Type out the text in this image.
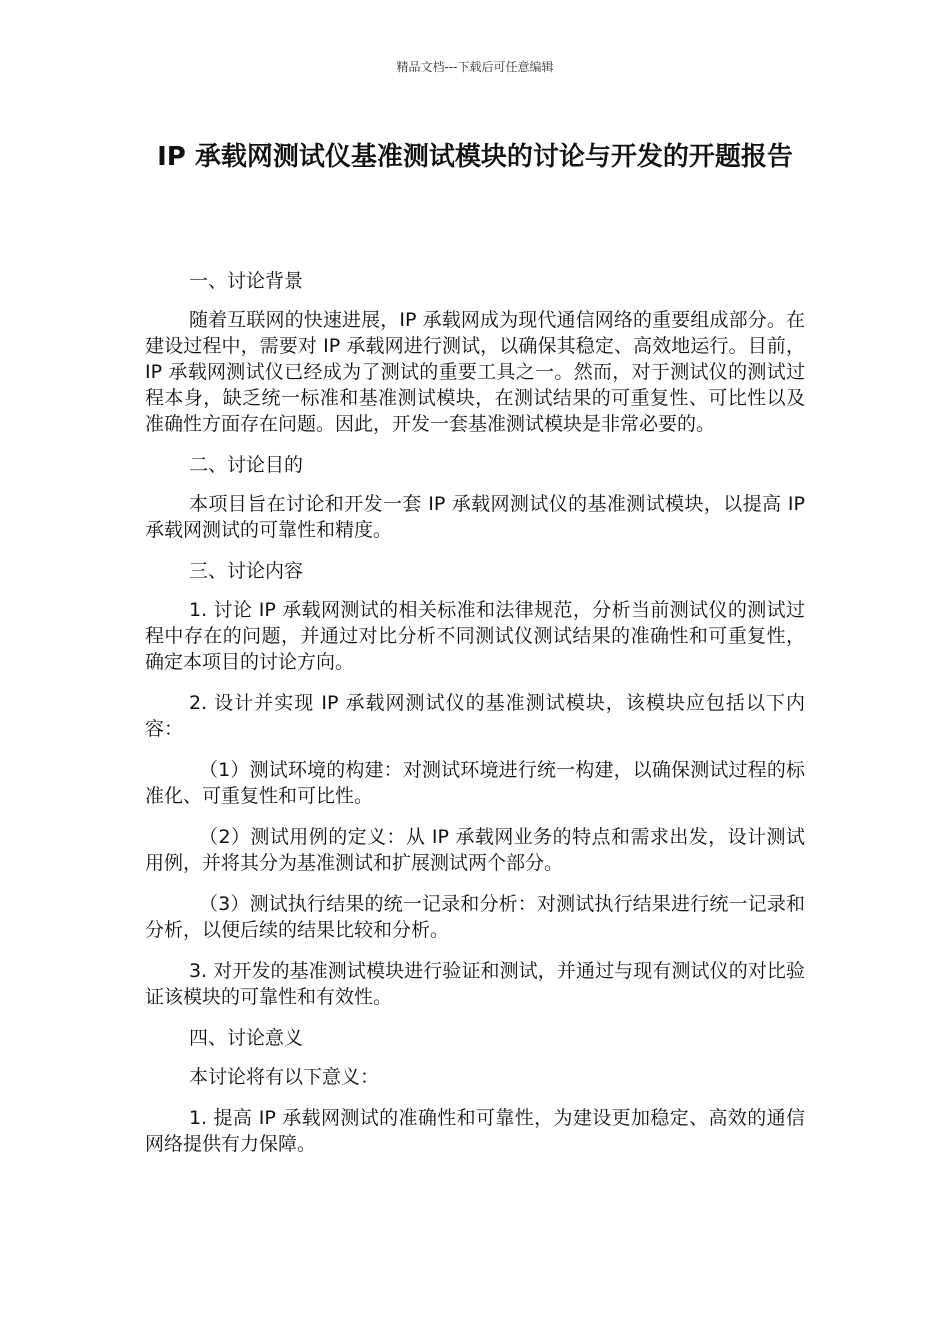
精品文档---下载后可任意编辑
IP 承载网测试仪基准测试模块的讨论与开发的开题报告

一、讨论背景

随着互联网的快速进展，IP 承载网成为现代通信网络的重要组成部分。在建设过程中，需要对 IP 承载网进行测试，以确保其稳定、高效地运行。目前，IP 承载网测试仪已经成为了测试的重要工具之一。然而，对于测试仪的测试过程本身，缺乏统一标准和基准测试模块，在测试结果的可重复性、可比性以及准确性方面存在问题。因此，开发一套基准测试模块是非常必要的。

二、讨论目的

本项目旨在讨论和开发一套 IP 承载网测试仪的基准测试模块，以提高 IP 承载网测试的可靠性和精度。

三、讨论内容

1. 讨论 IP 承载网测试的相关标准和法律规范，分析当前测试仪的测试过程中存在的问题，并通过对比分析不同测试仪测试结果的准确性和可重复性，确定本项目的讨论方向。

2. 设计并实现 IP 承载网测试仪的基准测试模块，该模块应包括以下内容：

（1）测试环境的构建：对测试环境进行统一构建，以确保测试过程的标准化、可重复性和可比性。

（2）测试用例的定义：从 IP 承载网业务的特点和需求出发，设计测试用例，并将其分为基准测试和扩展测试两个部分。

（3）测试执行结果的统一记录和分析：对测试执行结果进行统一记录和分析，以便后续的结果比较和分析。

3. 对开发的基准测试模块进行验证和测试，并通过与现有测试仪的对比验证该模块的可靠性和有效性。

四、讨论意义

本讨论将有以下意义：

1. 提高 IP 承载网测试的准确性和可靠性，为建设更加稳定、高效的通信网络提供有力保障。
